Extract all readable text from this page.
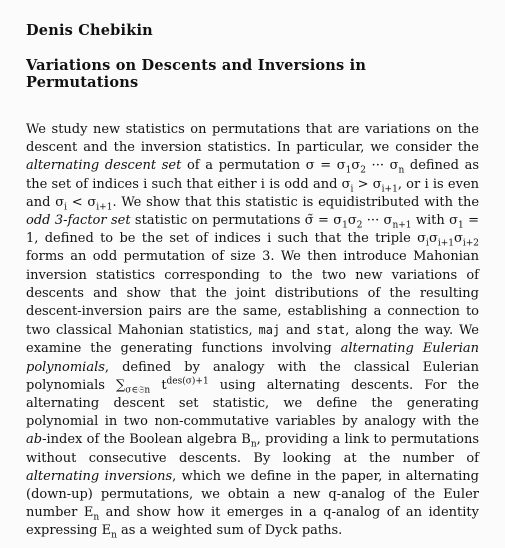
Denis Chebikin
Variations on Descents and Inversions in Permutations

We study new statistics on permutations that are variations on the descent and the inversion statistics. In particular, we consider the alternating descent set of a permutation $\sigma = \sigma_1\sigma_2$ ··· $\sigma_n$ defined as the set of indices i such that either i is odd and $\sigma_i > \sigma_{i+1}$, or i is even and $\sigma_i < \sigma_{i+1}$. We show that this statistic is equidistributed with the odd 3-factor set statistic on permutations σ̃ = $\sigma_1\sigma_2$ ··· $\sigma_{n+1}$ with $\sigma_1 = 1$, defined to be the set of indices i such that the triple $\sigma_i\sigma_{i+1}\sigma_{i+2}$ forms an odd permutation of size 3. We then introduce Mahonian inversion statistics corresponding to the two new variations of descents and show that the joint distributions of the resulting descent-inversion pairs are the same, establishing a connection to two classical Mahonian statistics, maj and stat, along the way. We examine the generating functions involving alternating Eulerian polynomials, defined by analogy with the classical Eulerian polynomials $\sum_{\sigma\in 𝔖n}$ $t^{des(\sigma)+1}$ using alternating descents. For the alternating descent set statistic, we define the generating polynomial in two non-commutative variables by analogy with the ab-index of the Boolean algebra $B_n$, providing a link to permutations without consecutive descents. By looking at the number of alternating inversions, which we define in the paper, in alternating (down-up) permutations, we obtain a new q-analog of the Euler number $E_n$ and show how it emerges in a q-analog of an identity expressing $E_n$ as a weighted sum of Dyck paths.
